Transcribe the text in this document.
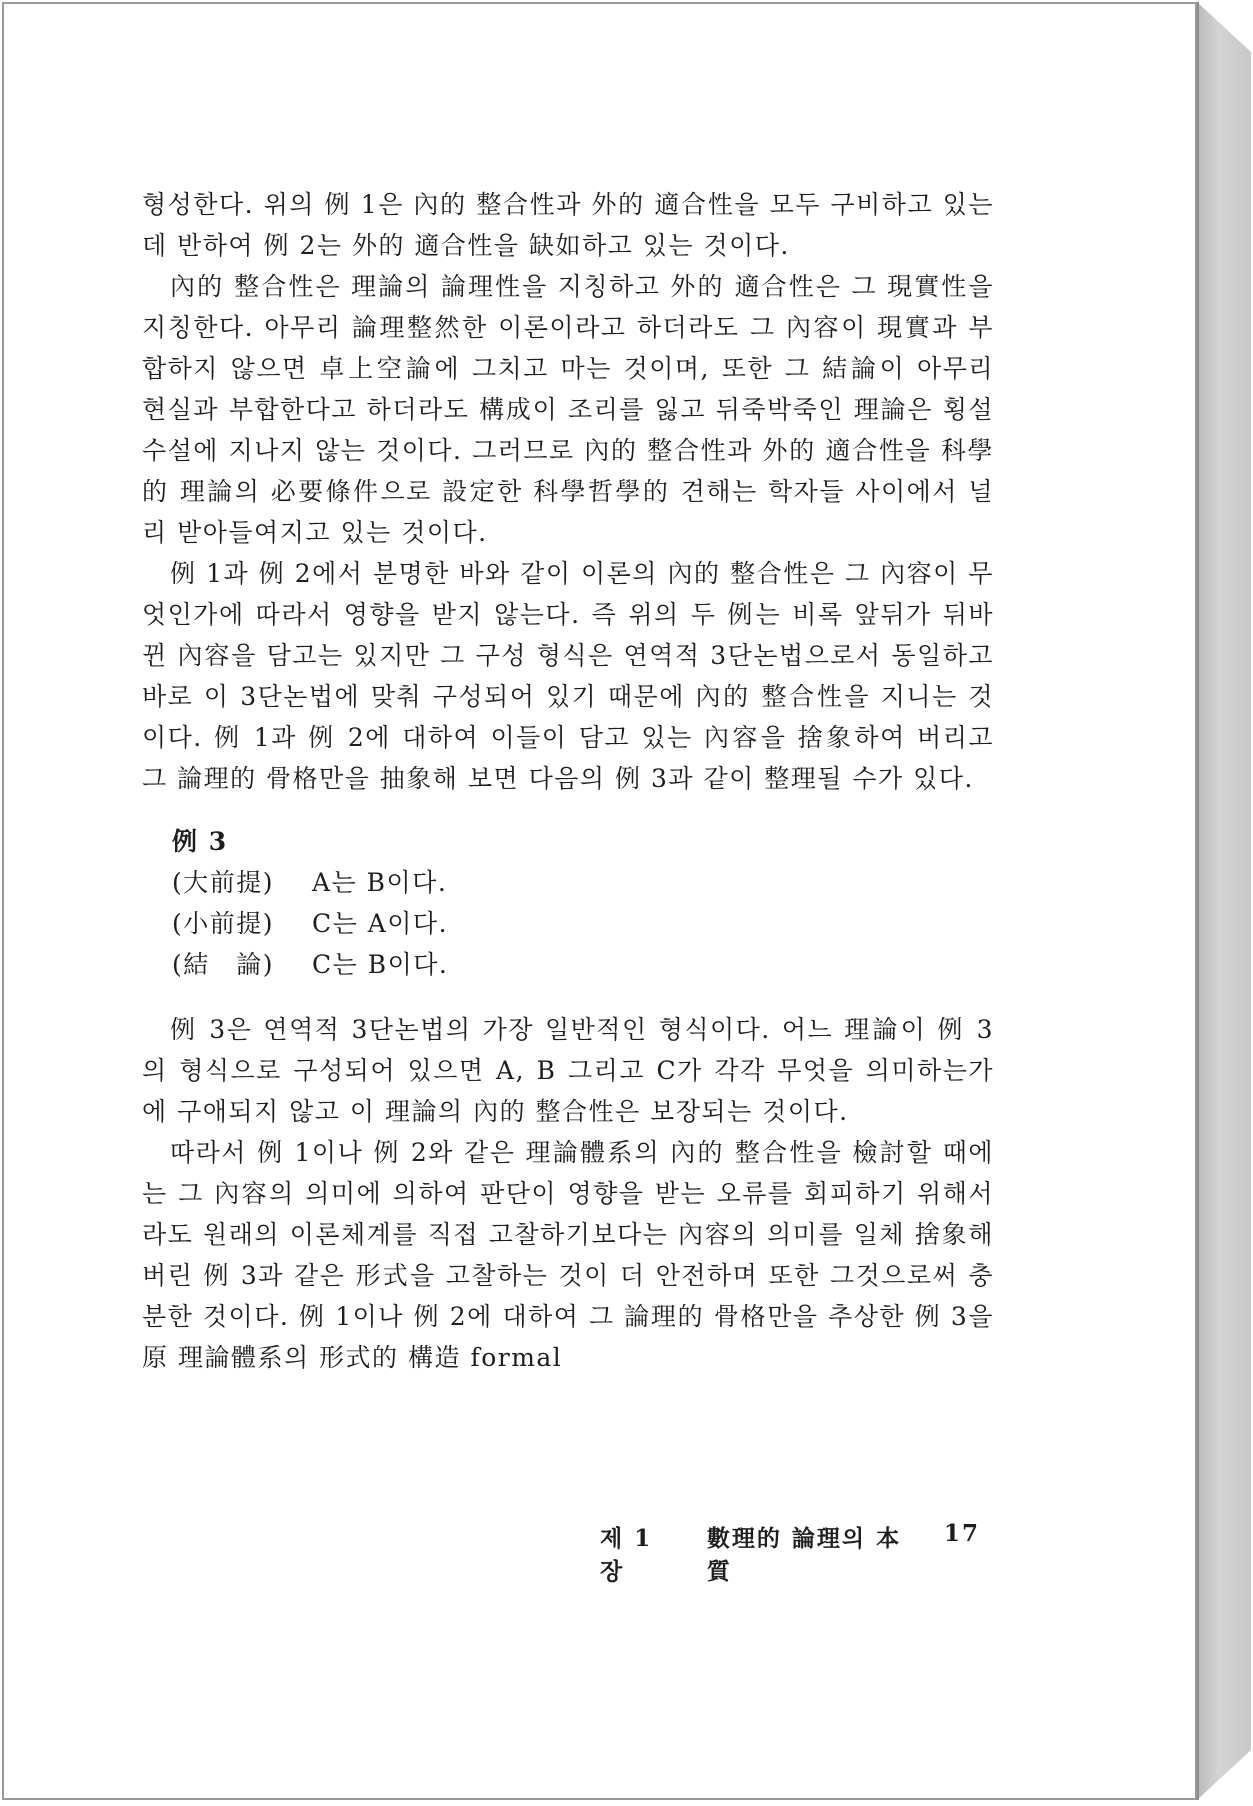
형성한다. 위의 例 1은 內的 整合性과 外的 適合性을 모두 구비하고 있는 데 반하여 例 2는 外的 適合性을 缺如하고 있는 것이다.

內的 整合性은 理論의 論理性을 지칭하고 外的 適合性은 그 現實性을 지칭한다. 아무리 論理整然한 이론이라고 하더라도 그 內容이 現實과 부합하지 않으면 卓上空論에 그치고 마는 것이며, 또한 그 結論이 아무리 현실과 부합한다고 하더라도 構成이 조리를 잃고 뒤죽박죽인 理論은 횡설수설에 지나지 않는 것이다. 그러므로 內的 整合性과 外的 適合性을 科學的 理論의 必要條件으로 設定한 科學哲學的 견해는 학자들 사이에서 널리 받아들여지고 있는 것이다.

例 1과 例 2에서 분명한 바와 같이 이론의 內的 整合性은 그 內容이 무엇인가에 따라서 영향을 받지 않는다. 즉 위의 두 例는 비록 앞뒤가 뒤바뀐 內容을 담고는 있지만 그 구성 형식은 연역적 3단논법으로서 동일하고 바로 이 3단논법에 맞춰 구성되어 있기 때문에 內的 整合性을 지니는 것이다. 例 1과 例 2에 대하여 이들이 담고 있는 內容을 捨象하여 버리고 그 論理的 骨格만을 抽象해 보면 다음의 例 3과 같이 整理될 수가 있다.

例 3
(大前提)	A는 B이다.
(小前提)	C는 A이다.
(結　論)	C는 B이다.

例 3은 연역적 3단논법의 가장 일반적인 형식이다. 어느 理論이 例 3의 형식으로 구성되어 있으면 A, B 그리고 C가 각각 무엇을 의미하는가에 구애되지 않고 이 理論의 內的 整合性은 보장되는 것이다.

따라서 例 1이나 例 2와 같은 理論體系의 內的 整合性을 檢討할 때에는 그 內容의 의미에 의하여 판단이 영향을 받는 오류를 회피하기 위해서라도 원래의 이론체계를 직접 고찰하기보다는 內容의 의미를 일체 捨象해 버린 例 3과 같은 形式을 고찰하는 것이 더 안전하며 또한 그것으로써 충분한 것이다. 例 1이나 例 2에 대하여 그 論理的 骨格만을 추상한 例 3을 原 理論體系의 形式的 構造 formal

제 1 장
數理的 論理의 本質
17
